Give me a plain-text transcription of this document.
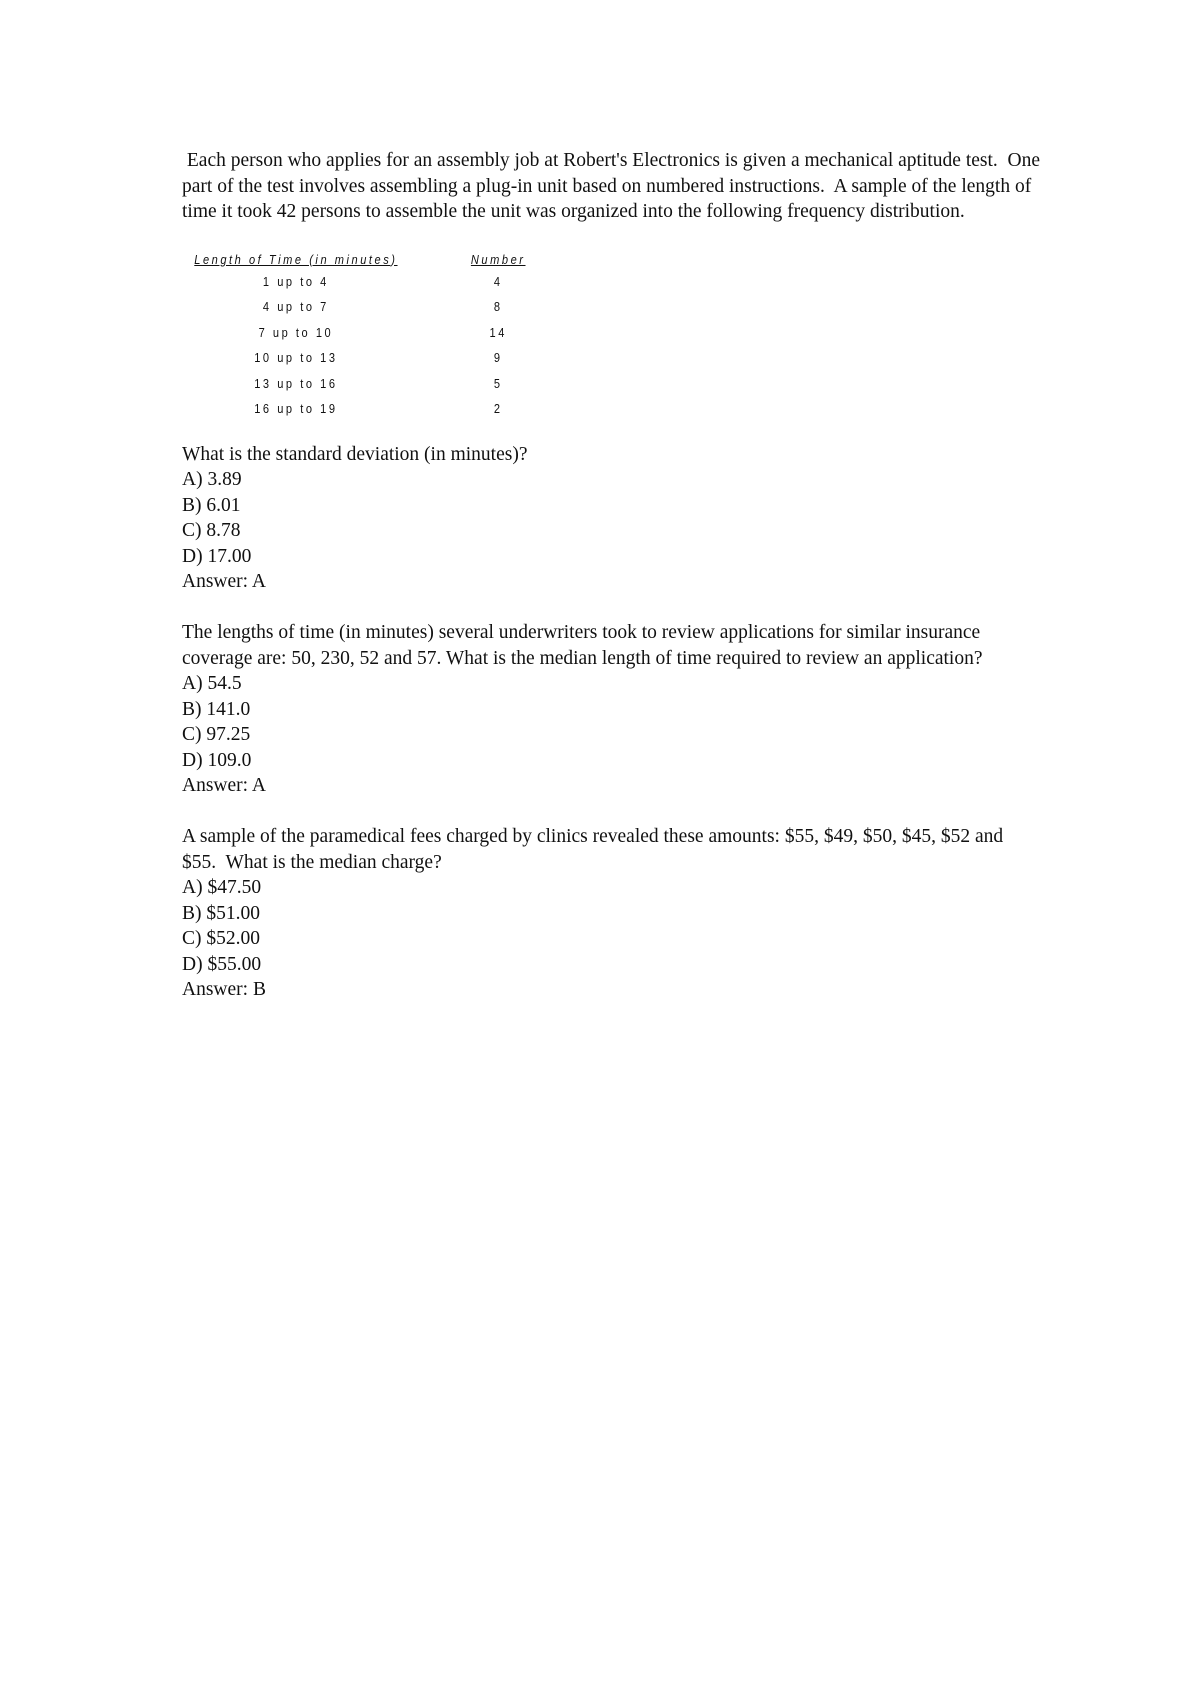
Each person who applies for an assembly job at Robert's Electronics is given a mechanical aptitude test.  One part of the test involves assembling a plug-in unit based on numbered instructions.  A sample of the length of time it took 42 persons to assemble the unit was organized into the following frequency distribution.

Length of Time (in minutes)	Number
1 up to 4	4
4 up to 7	8
7 up to 10	14
10 up to 13	9
13 up to 16	5
16 up to 19	2

What is the standard deviation (in minutes)?

A) 3.89

B) 6.01

C) 8.78

D) 17.00

Answer: A

The lengths of time (in minutes) several underwriters took to review applications for similar insurance coverage are: 50, 230, 52 and 57. What is the median length of time required to review an application?

A) 54.5

B) 141.0

C) 97.25

D) 109.0

Answer: A

A sample of the paramedical fees charged by clinics revealed these amounts: $55, $49, $50, $45, $52 and $55.  What is the median charge?

A) $47.50

B) $51.00

C) $52.00

D) $55.00

Answer: B
